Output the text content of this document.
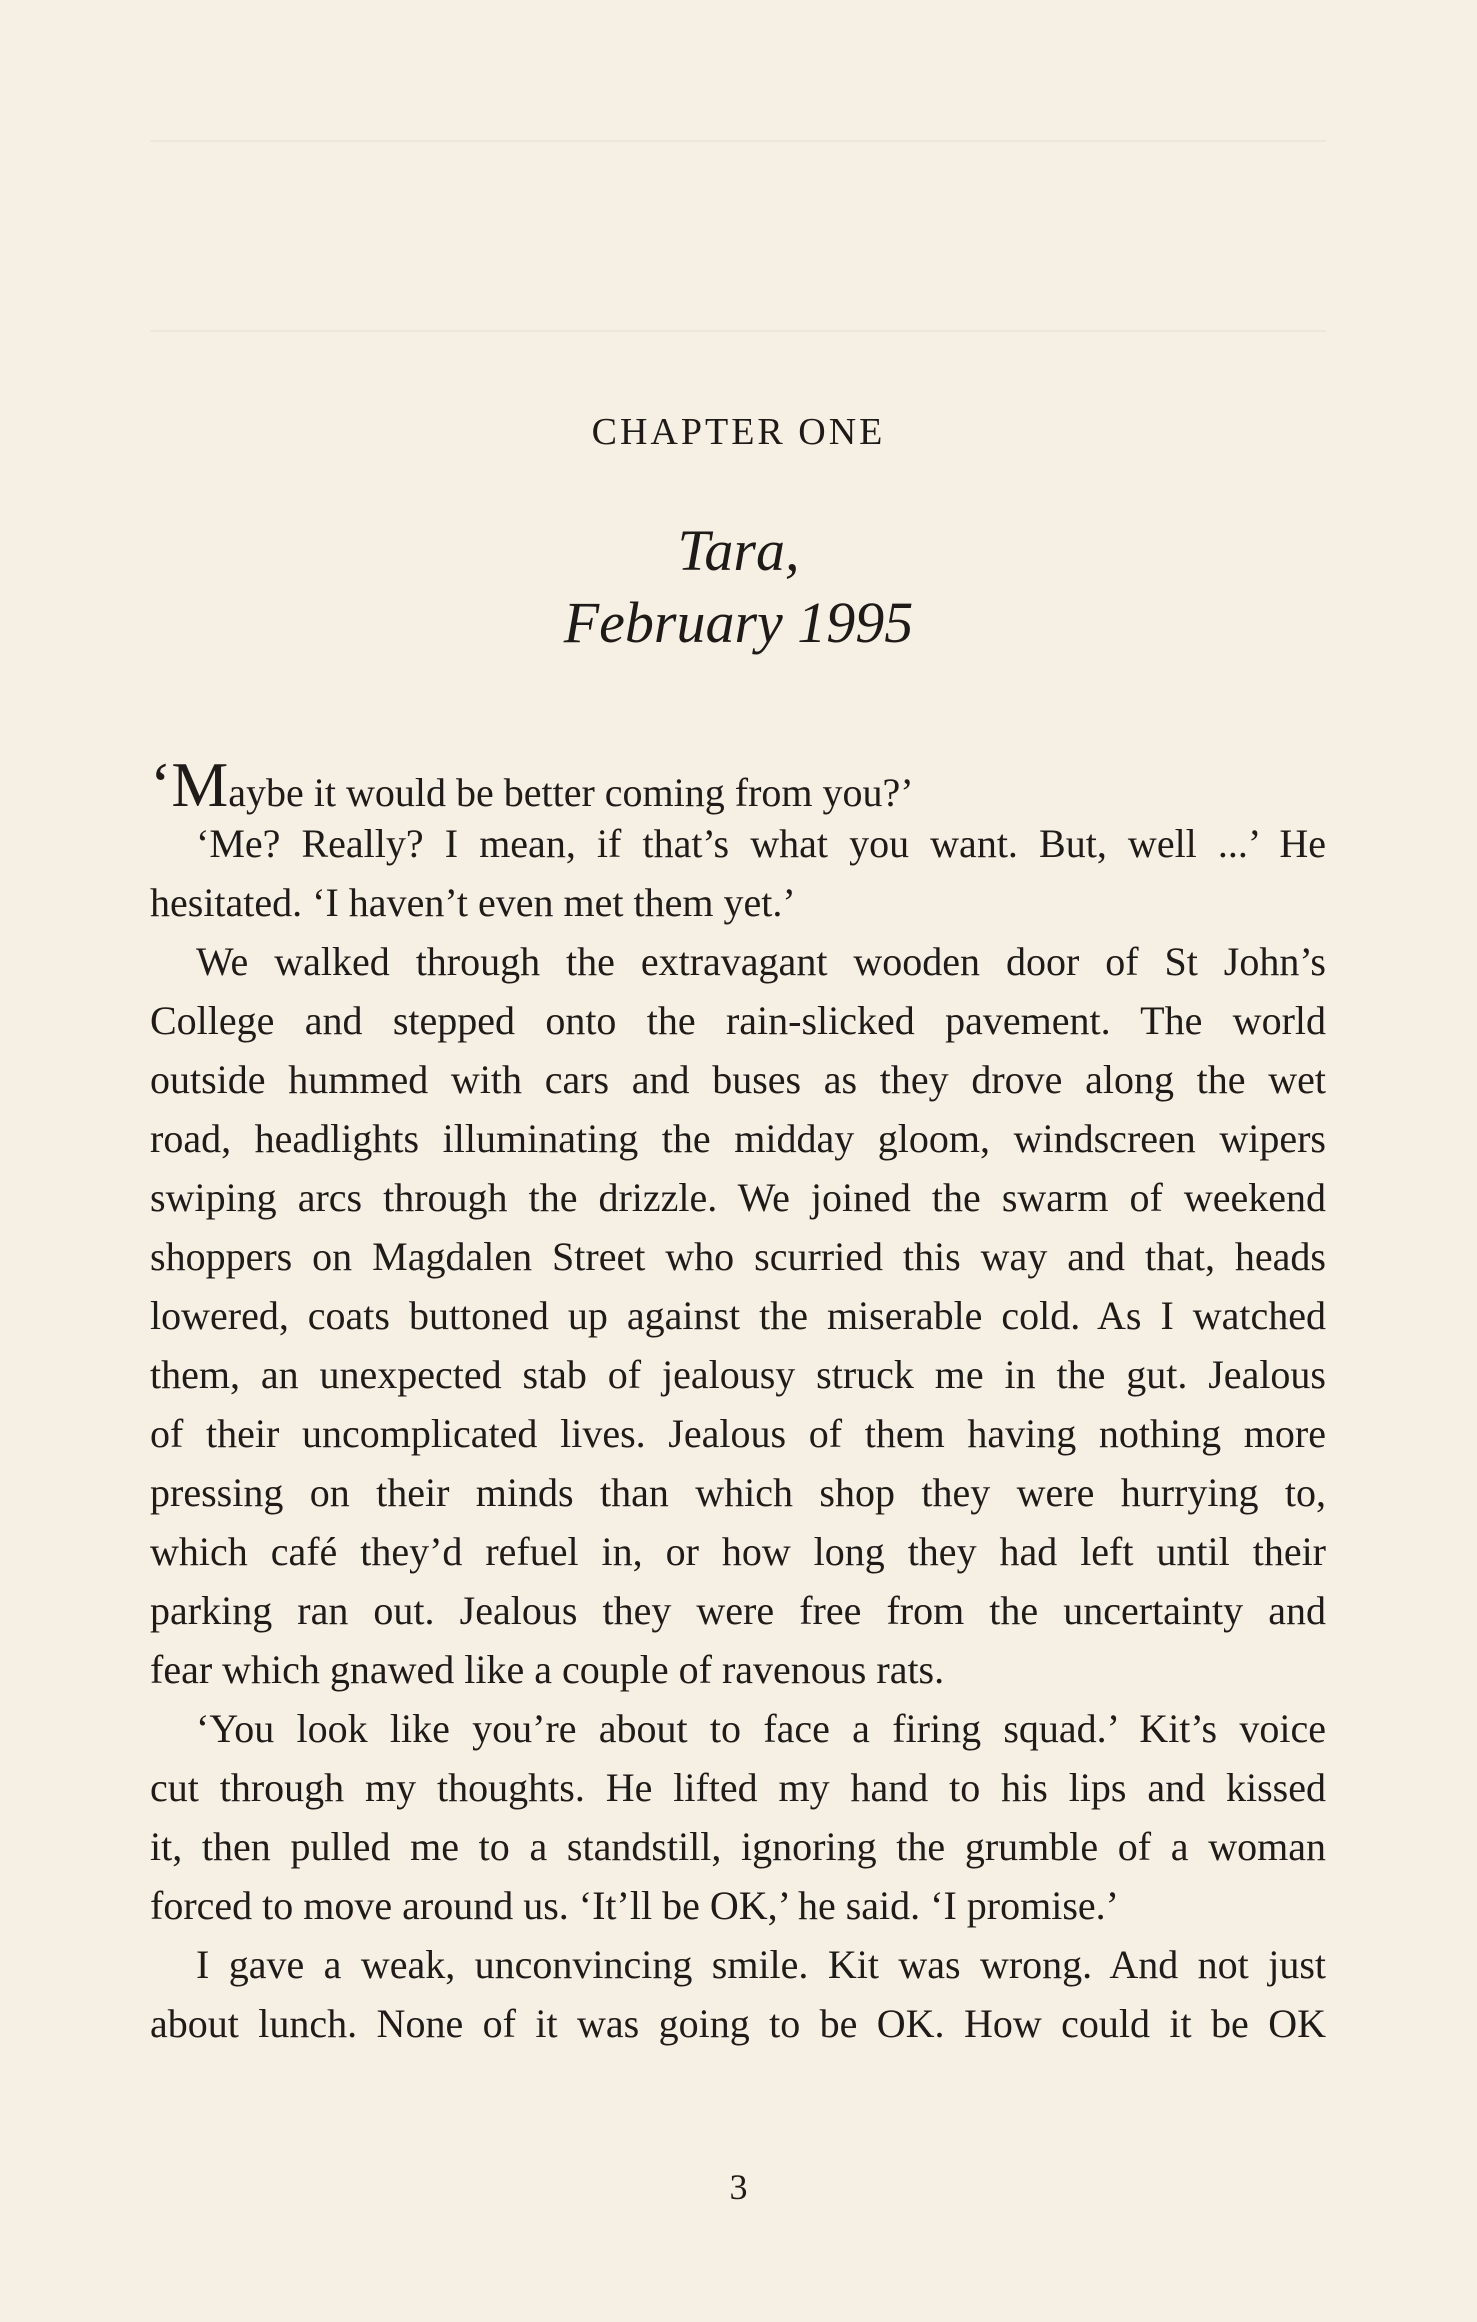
CHAPTER ONE
Tara,
February 1995
‘Maybe it would be better coming from you?’
‘Me? Really? I mean, if that’s what you want. But, well ...’ He
hesitated. ‘I haven’t even met them yet.’
We walked through the extravagant wooden door of St John’s
College and stepped onto the rain-slicked pavement. The world
outside hummed with cars and buses as they drove along the wet
road, headlights illuminating the midday gloom, windscreen wipers
swiping arcs through the drizzle. We joined the swarm of weekend
shoppers on Magdalen Street who scurried this way and that, heads
lowered, coats buttoned up against the miserable cold. As I watched
them, an unexpected stab of jealousy struck me in the gut. Jealous
of their uncomplicated lives. Jealous of them having nothing more
pressing on their minds than which shop they were hurrying to,
which café they’d refuel in, or how long they had left until their
parking ran out. Jealous they were free from the uncertainty and
fear which gnawed like a couple of ravenous rats.
‘You look like you’re about to face a firing squad.’ Kit’s voice
cut through my thoughts. He lifted my hand to his lips and kissed
it, then pulled me to a standstill, ignoring the grumble of a woman
forced to move around us. ‘It’ll be OK,’ he said. ‘I promise.’
I gave a weak, unconvincing smile. Kit was wrong. And not just
about lunch. None of it was going to be OK. How could it be OK
3
